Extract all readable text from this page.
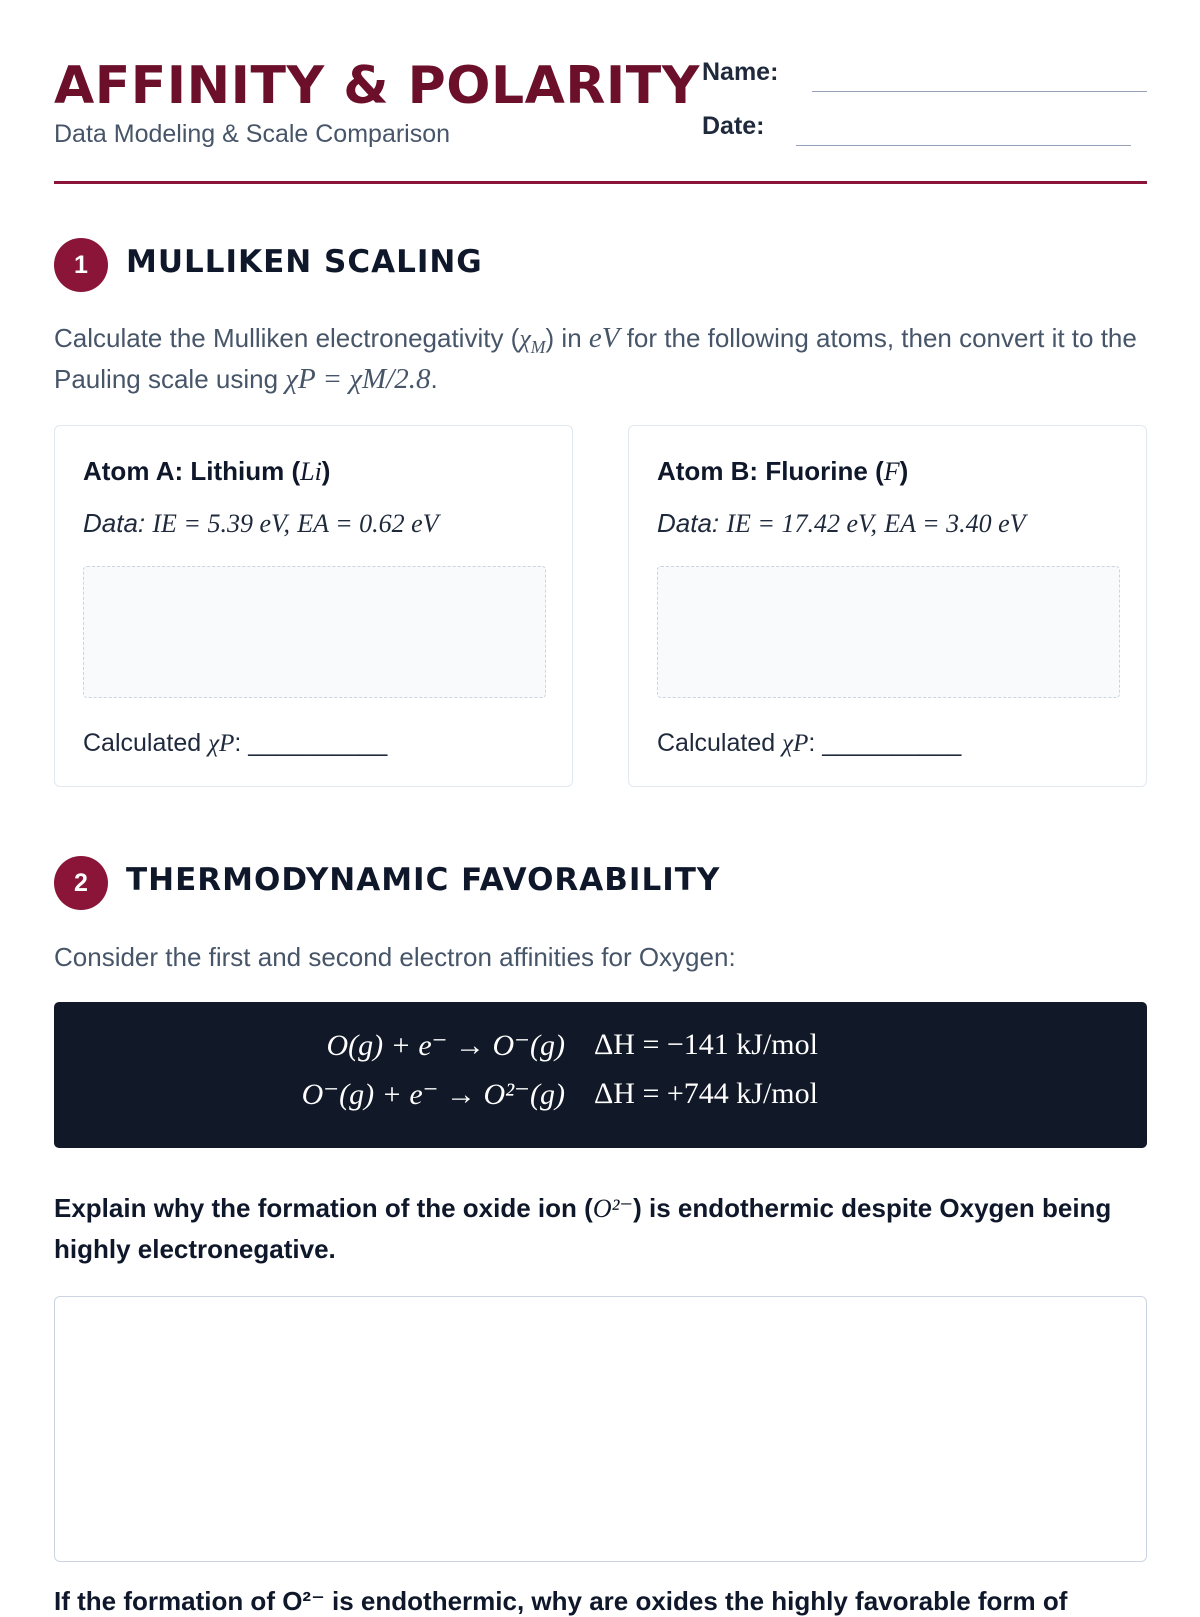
AFFINITY & POLARITY
Data Modeling & Scale Comparison
Name:
Date:
1	MULLIKEN SCALING
Calculate the Mulliken electronegativity $(\chi_M)$ in eV for the following atoms, then convert it to the Pauling scale using χP = χM/2.8.
Atom A: Lithium (Li)
Data: IE = 5.39 eV, EA = 0.62 eV
Calculated χP: __________
Atom B: Fluorine (F)
Data: IE = 17.42 eV, EA = 3.40 eV
Calculated χP: __________
2	THERMODYNAMIC FAVORABILITY
Consider the first and second electron affinities for Oxygen:
O(g) + e⁻ → O⁻(g) ΔH = −141 kJ/mol
O⁻(g) + e⁻ → O²⁻(g) ΔH = +744 kJ/mol
Explain why the formation of the oxide ion (O²⁻) is endothermic despite Oxygen being highly electronegative.
If the formation of O²⁻ is endothermic, why are oxides the highly favorable form of
